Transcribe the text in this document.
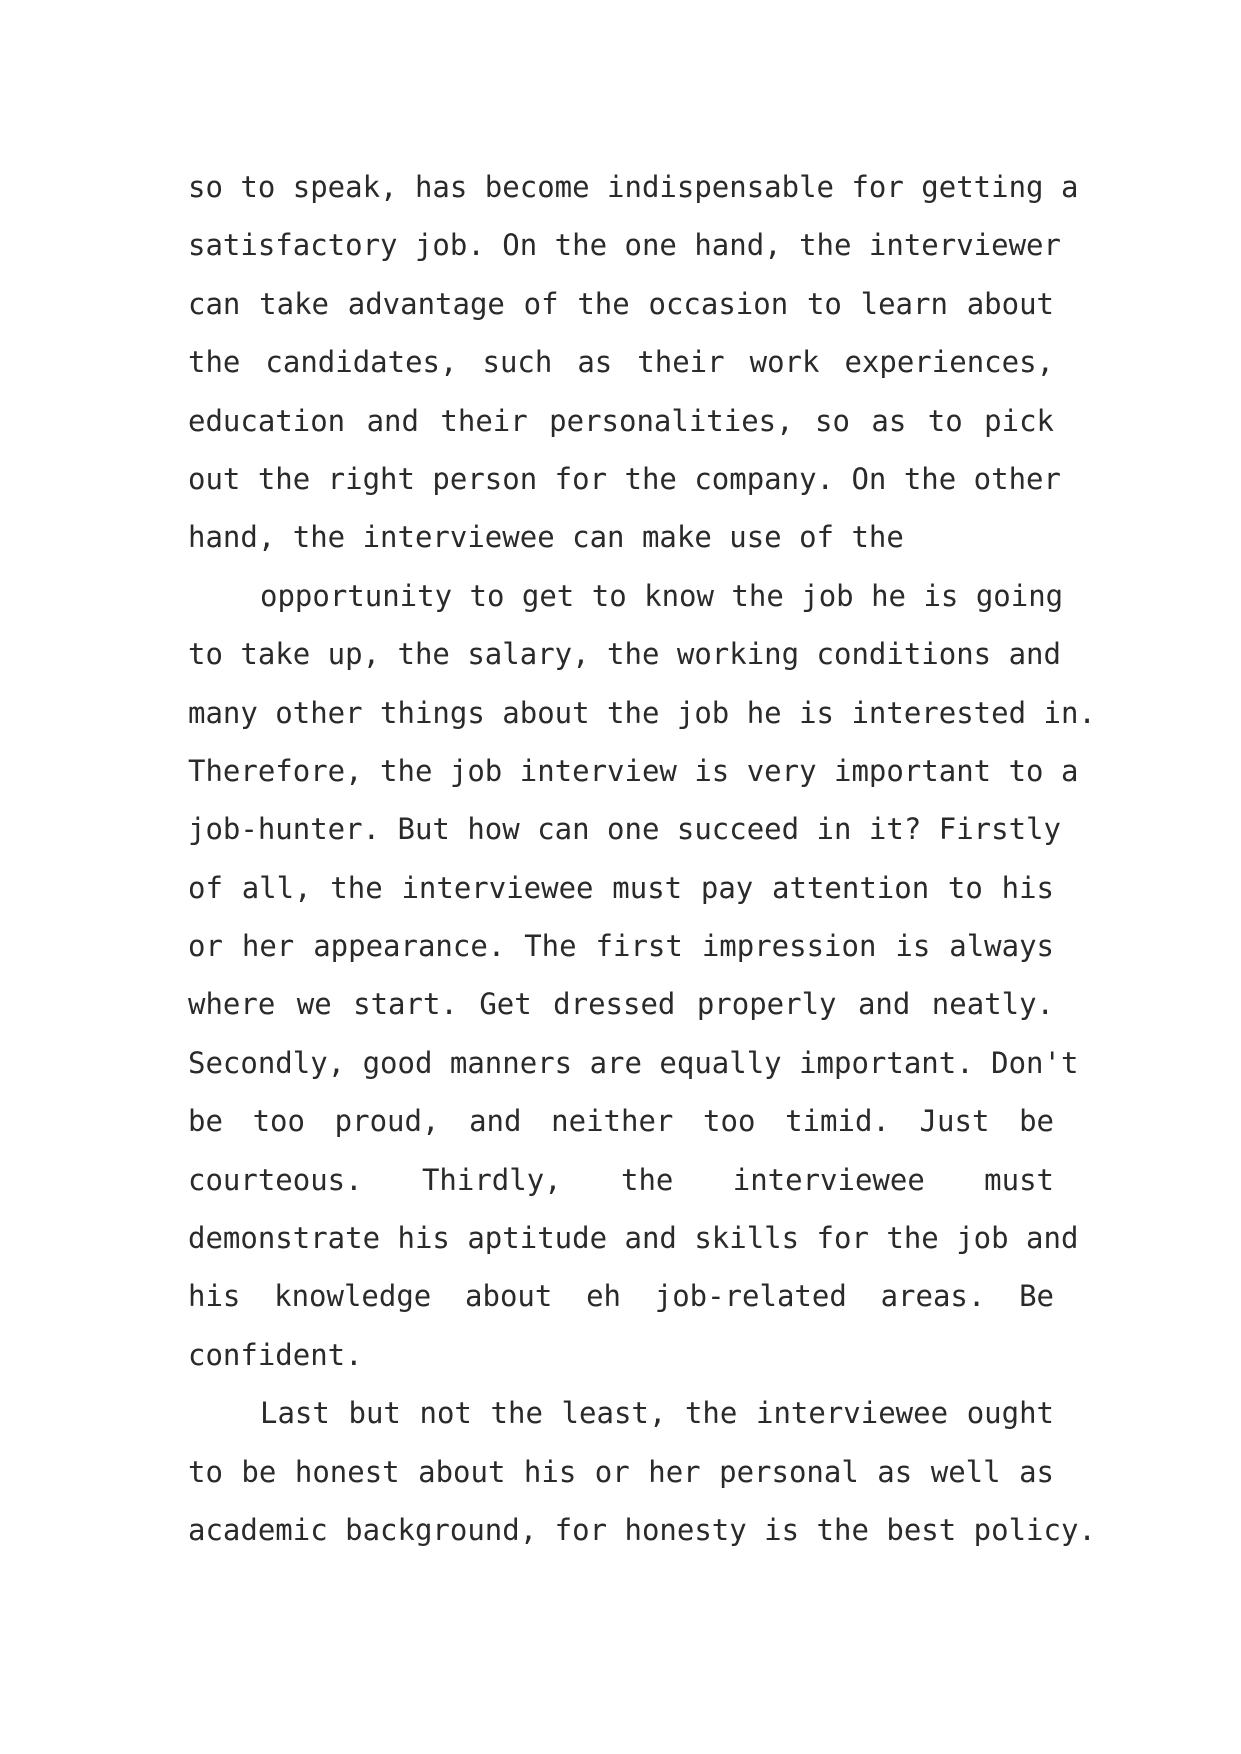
so to speak, has become indispensable for getting a
satisfactory job. On the one hand, the interviewer
can take advantage of the occasion to learn about
the candidates, such as their work experiences,
education and their personalities, so as to pick
out the right person for the company. On the other
hand, the interviewee can make use of the
opportunity to get to know the job he is going
to take up, the salary, the working conditions and
many other things about the job he is interested in.
Therefore, the job interview is very important to a
job-hunter. But how can one succeed in it? Firstly
of all, the interviewee must pay attention to his
or her appearance. The first impression is always
where we start. Get dressed properly and neatly.
Secondly, good manners are equally important. Don't
be too proud, and neither too timid. Just be
courteous. Thirdly, the interviewee must
demonstrate his aptitude and skills for the job and
his knowledge about eh job-related areas. Be
confident.
Last but not the least, the interviewee ought
to be honest about his or her personal as well as
academic background, for honesty is the best policy.
